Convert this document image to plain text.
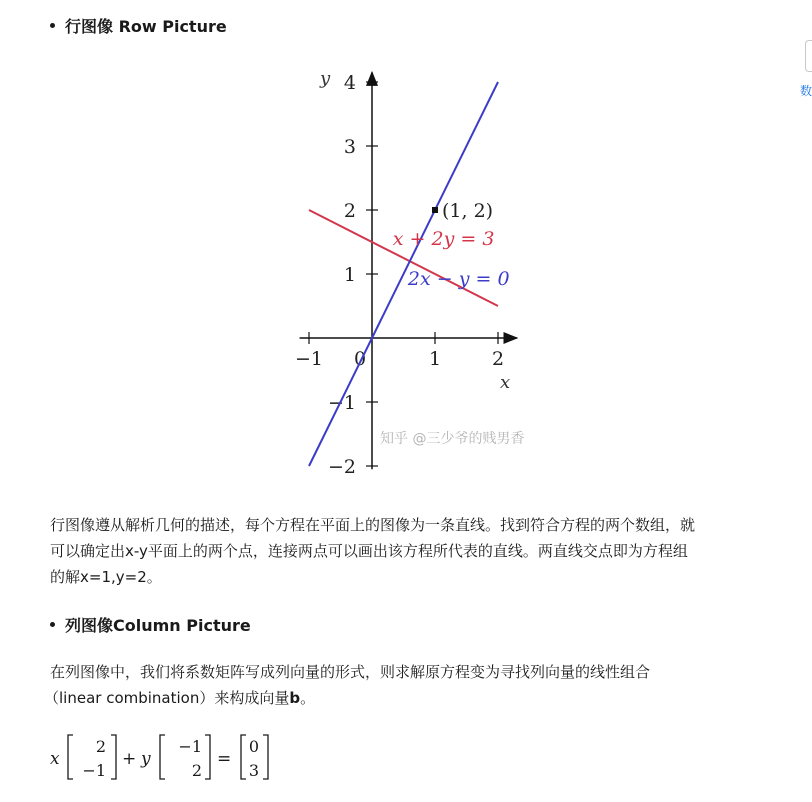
行图像 Row Picture
−1 0	1	2
4
3
2
1
−1
−2
y
x
(1, 2)
x + 2y = 3
2x − y = 0
知乎 @三少爷的贱男香
行图像遵从解析几何的描述，每个方程在平面上的图像为一条直线。找到符合方程的两个数组，就
可以确定出x-y平面上的两个点，连接两点可以画出该方程所代表的直线。两直线交点即为方程组
的解x=1,y=2。
列图像Column Picture
在列图像中，我们将系数矩阵写成列向量的形式，则求解原方程变为寻找列向量的线性组合
（linear combination）来构成向量b。
x
2
−1
+ y
−1
2
=
0
3
数
